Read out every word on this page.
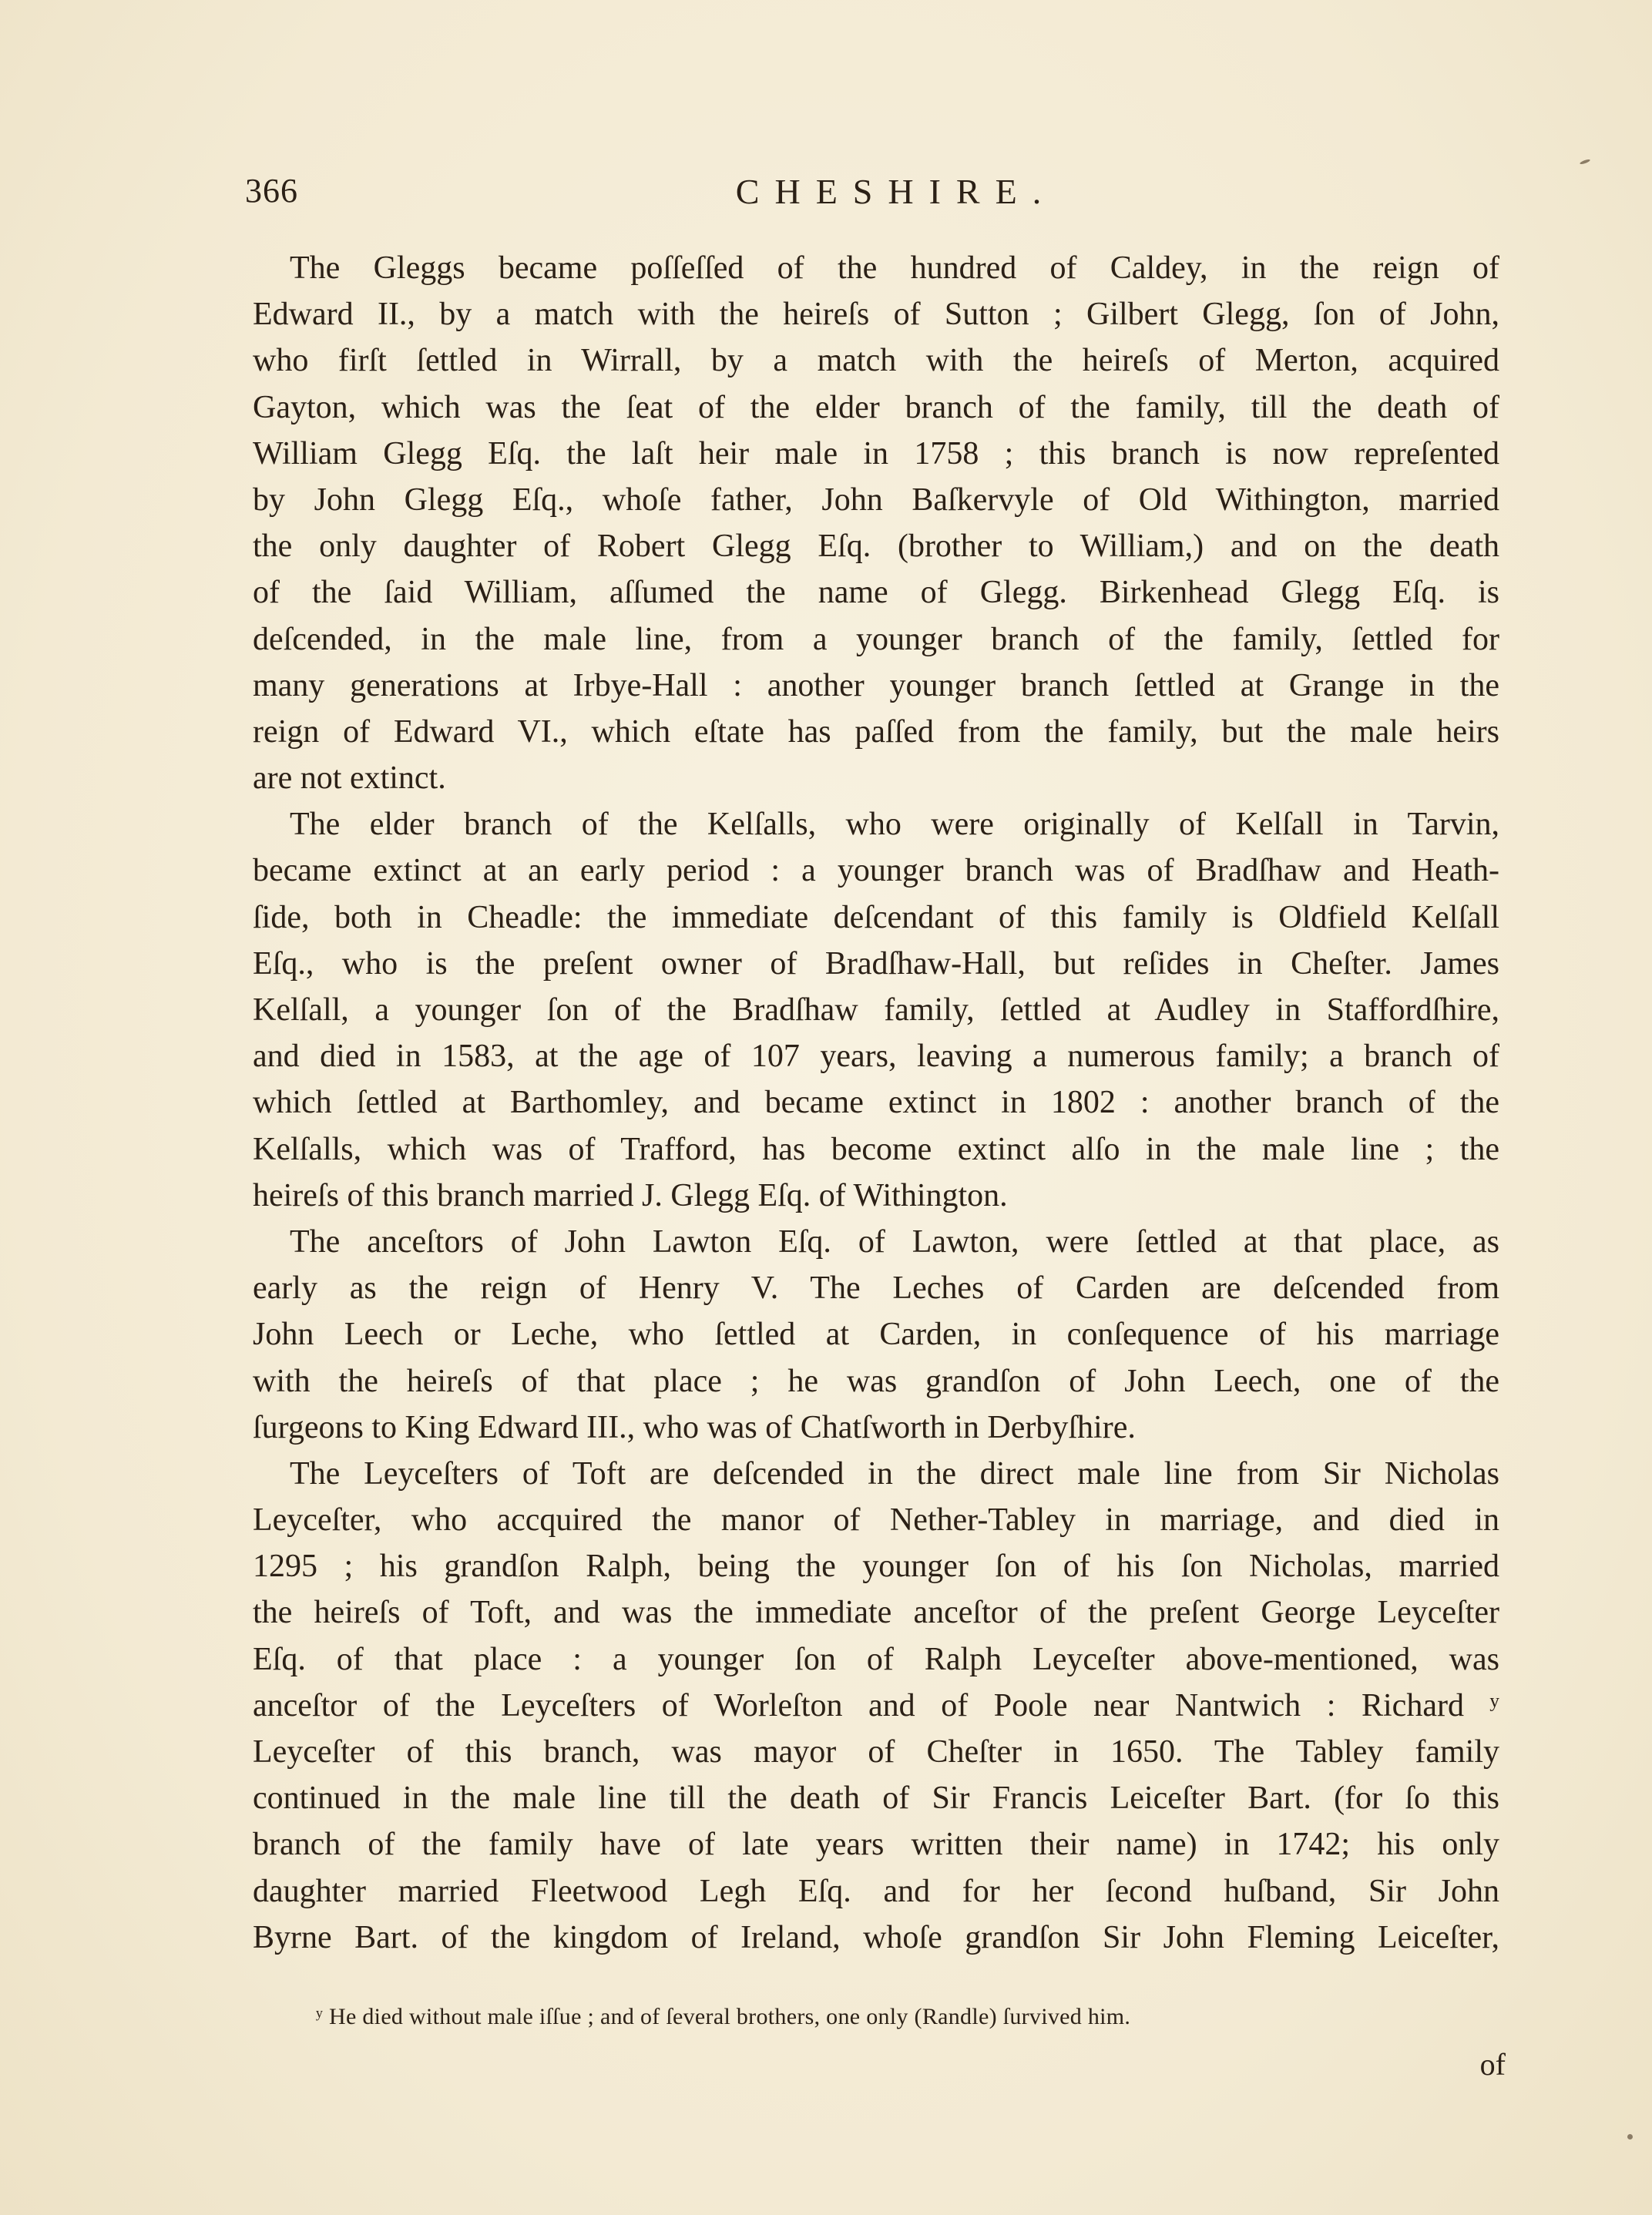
366	CHESHIRE.
The Gleggs became poſſeſſed of the hundred of Caldey, in the reign of
Edward II., by a match with the heireſs of Sutton ; Gilbert Glegg, ſon of John,
who firſt ſettled in Wirrall, by a match with the heireſs of Merton, acquired
Gayton, which was the ſeat of the elder branch of the family, till the death of
William Glegg Eſq. the laſt heir male in 1758 ; this branch is now repreſented
by John Glegg Eſq., whoſe father, John Baſkervyle of Old Withington, married
the only daughter of Robert Glegg Eſq. (brother to William,) and on the death
of the ſaid William, aſſumed the name of Glegg. Birkenhead Glegg Eſq. is
deſcended, in the male line, from a younger branch of the family, ſettled for
many generations at Irbye-Hall : another younger branch ſettled at Grange in the
reign of Edward VI., which eſtate has paſſed from the family, but the male heirs
are not extinct.
The elder branch of the Kelſalls, who were originally of Kelſall in Tarvin,
became extinct at an early period : a younger branch was of Bradſhaw and Heath-
ſide, both in Cheadle: the immediate deſcendant of this family is Oldfield Kelſall
Eſq., who is the preſent owner of Bradſhaw-Hall, but reſides in Cheſter. James
Kelſall, a younger ſon of the Bradſhaw family, ſettled at Audley in Staffordſhire,
and died in 1583, at the age of 107 years, leaving a numerous family; a branch of
which ſettled at Barthomley, and became extinct in 1802 : another branch of the
Kelſalls, which was of Trafford, has become extinct alſo in the male line ; the
heireſs of this branch married J. Glegg Eſq. of Withington.
The anceſtors of John Lawton Eſq. of Lawton, were ſettled at that place, as
early as the reign of Henry V. The Leches of Carden are deſcended from
John Leech or Leche, who ſettled at Carden, in conſequence of his marriage
with the heireſs of that place ; he was grandſon of John Leech, one of the
ſurgeons to King Edward III., who was of Chatſworth in Derbyſhire.
The Leyceſters of Toft are deſcended in the direct male line from Sir Nicholas
Leyceſter, who accquired the manor of Nether-Tabley in marriage, and died in
1295 ; his grandſon Ralph, being the younger ſon of his ſon Nicholas, married
the heireſs of Toft, and was the immediate anceſtor of the preſent George Leyceſter
Eſq. of that place : a younger ſon of Ralph Leyceſter above-mentioned, was
anceſtor of the Leyceſters of Worleſton and of Poole near Nantwich : Richard ʸ
Leyceſter of this branch, was mayor of Cheſter in 1650. The Tabley family
continued in the male line till the death of Sir Francis Leiceſter Bart. (for ſo this
branch of the family have of late years written their name) in 1742; his only
daughter married Fleetwood Legh Eſq. and for her ſecond huſband, Sir John
Byrne Bart. of the kingdom of Ireland, whoſe grandſon Sir John Fleming Leiceſter,
ʸ He died without male iſſue ; and of ſeveral brothers, one only (Randle) ſurvived him.
of
